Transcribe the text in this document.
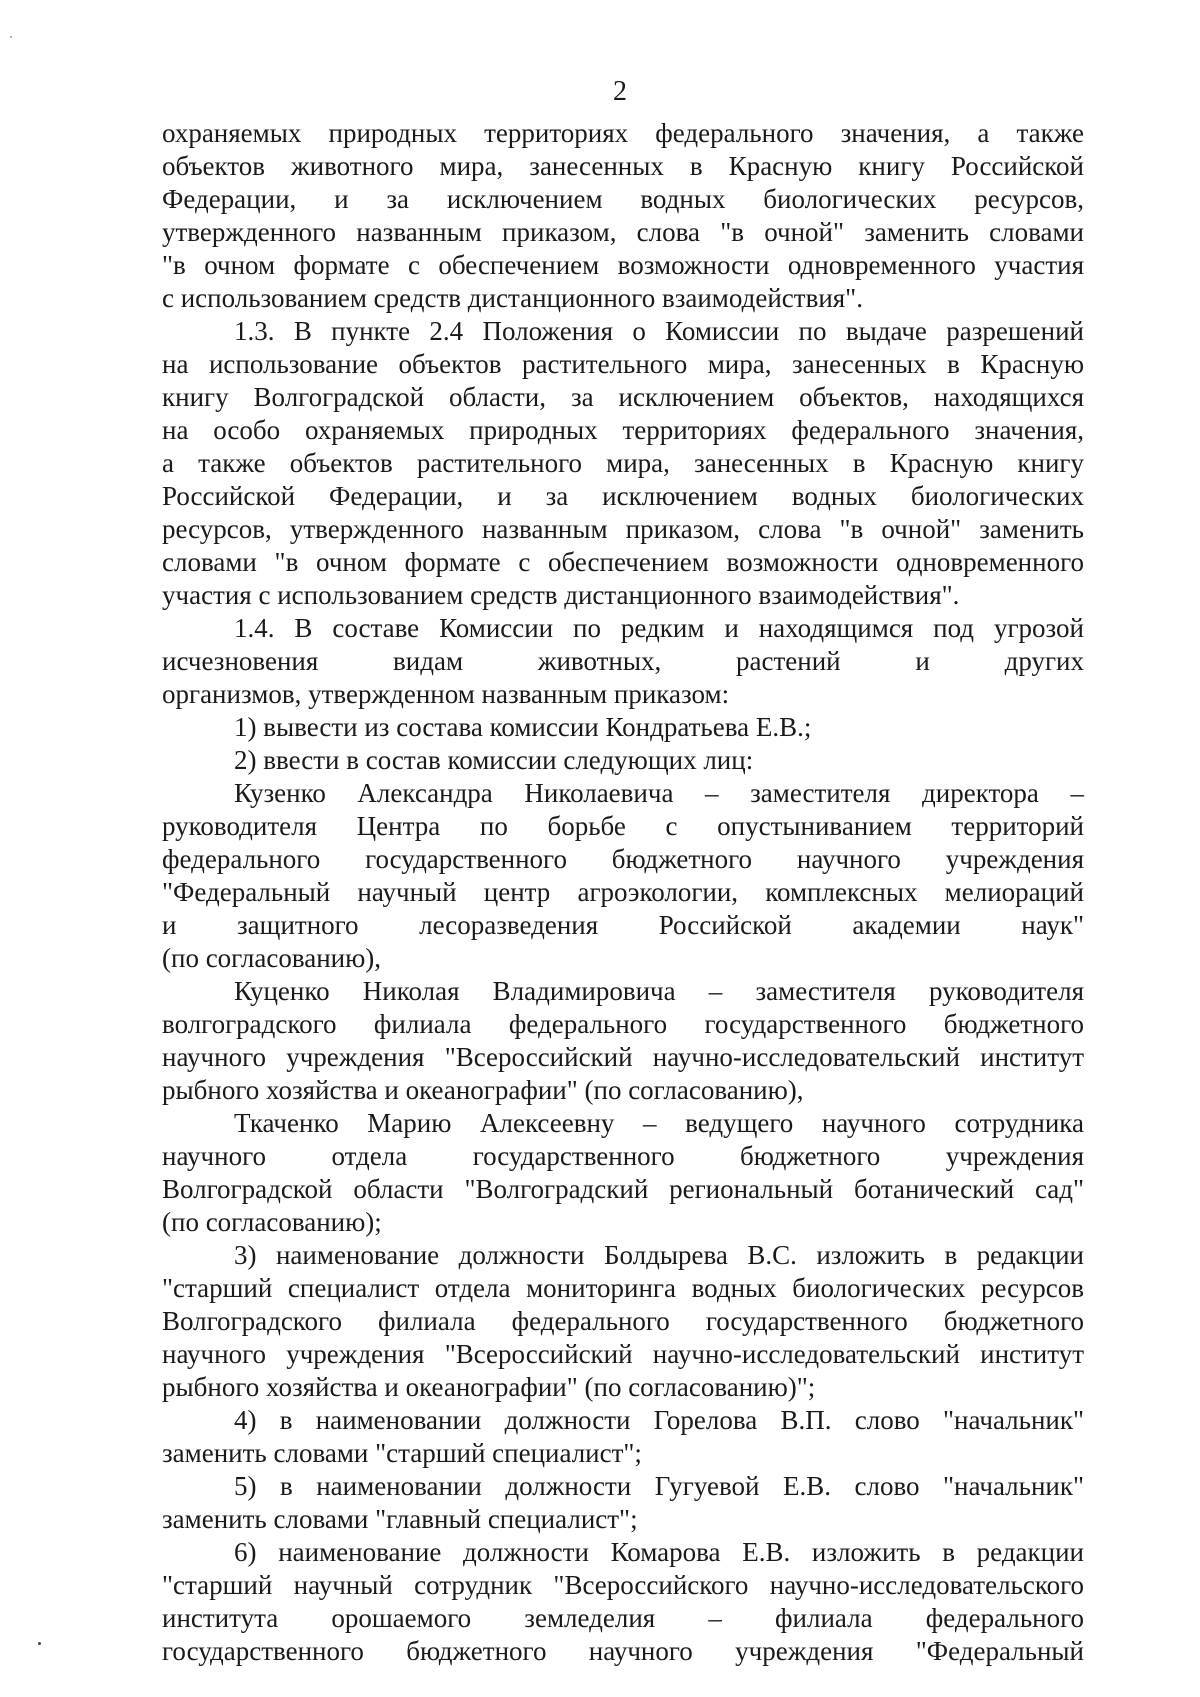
2
охраняемых природных территориях федерального значения, а также
объектов животного мира, занесенных в Красную книгу Российской
Федерации, и за исключением водных биологических ресурсов,
утвержденного названным приказом, слова "в очной" заменить словами
"в очном формате с обеспечением возможности одновременного участия
с использованием средств дистанционного взаимодействия".
1.3. В пункте 2.4 Положения о Комиссии по выдаче разрешений
на использование объектов растительного мира, занесенных в Красную
книгу Волгоградской области, за исключением объектов, находящихся
на особо охраняемых природных территориях федерального значения,
а также объектов растительного мира, занесенных в Красную книгу
Российской Федерации, и за исключением водных биологических
ресурсов, утвержденного названным приказом, слова "в очной" заменить
словами "в очном формате с обеспечением возможности одновременного
участия с использованием средств дистанционного взаимодействия".
1.4. В составе Комиссии по редким и находящимся под угрозой
исчезновения видам животных, растений и других
организмов, утвержденном названным приказом:
1) вывести из состава комиссии Кондратьева Е.В.;
2) ввести в состав комиссии следующих лиц:
Кузенко Александра Николаевича – заместителя директора –
руководителя Центра по борьбе с опустыниванием территорий
федерального государственного бюджетного научного учреждения
"Федеральный научный центр агроэкологии, комплексных мелиораций
и защитного лесоразведения Российской академии наук"
(по согласованию),
Куценко Николая Владимировича – заместителя руководителя
волгоградского филиала федерального государственного бюджетного
научного учреждения "Всероссийский научно-исследовательский институт
рыбного хозяйства и океанографии" (по согласованию),
Ткаченко Марию Алексеевну – ведущего научного сотрудника
научного отдела государственного бюджетного учреждения
Волгоградской области "Волгоградский региональный ботанический сад"
(по согласованию);
3) наименование должности Болдырева В.С. изложить в редакции
"старший специалист отдела мониторинга водных биологических ресурсов
Волгоградского филиала федерального государственного бюджетного
научного учреждения "Всероссийский научно-исследовательский институт
рыбного хозяйства и океанографии" (по согласованию)";
4) в наименовании должности Горелова В.П. слово "начальник"
заменить словами "старший специалист";
5) в наименовании должности Гугуевой Е.В. слово "начальник"
заменить словами "главный специалист";
6) наименование должности Комарова Е.В. изложить в редакции
"старший научный сотрудник "Всероссийского научно-исследовательского
института орошаемого земледелия – филиала федерального
государственного бюджетного научного учреждения "Федеральный
